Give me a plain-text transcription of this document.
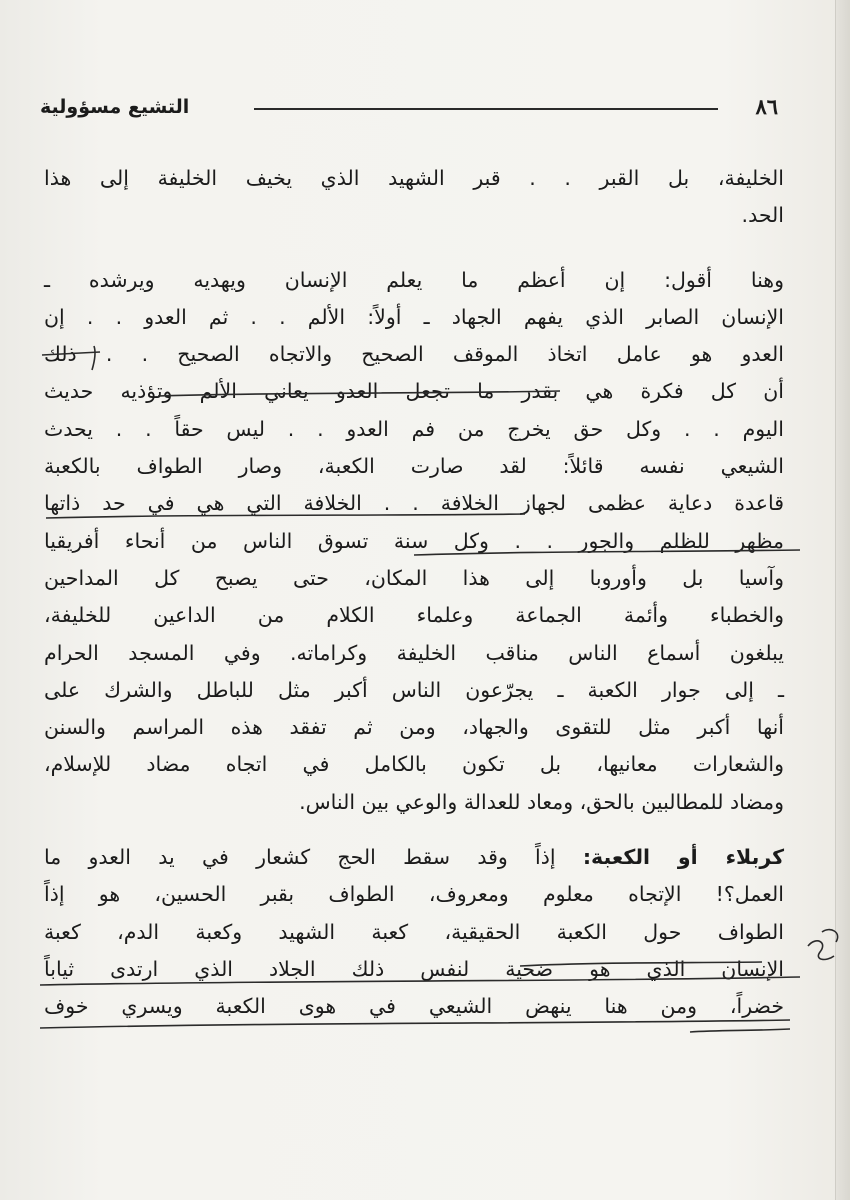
٨٦
التشيع مسؤولية
الخليفة، بل القبر . . قبر الشهيد الذي يخيف الخليفة إلى هذا
الحد.
وهنا أقول: إن أعظم ما يعلم الإنسان ويهديه ويرشده ـ
الإنسان الصابر الذي يفهم الجهاد ـ أولاً: الألم . . ثم العدو . . إن
العدو هو عامل اتخاذ الموقف الصحيح والاتجاه الصحيح . . ذلك
أن كل فكرة هي بقدر ما تجعل العدو يعاني الألم وتؤذيه حديث
اليوم . . وكل حق يخرج من فم العدو . . ليس حقاً . . يحدث
الشيعي نفسه قائلاً: لقد صارت الكعبة، وصار الطواف بالكعبة
قاعدة دعاية عظمى لجهاز الخلافة . . الخلافة التي هي في حد ذاتها
مظهر للظلم والجور . . وكل سنة تسوق الناس من أنحاء أفريقيا
وآسيا بل وأوروبا إلى هذا المكان، حتى يصبح كل المداحين
والخطباء وأئمة الجماعة وعلماء الكلام من الداعين للخليفة،
يبلغون أسماع الناس مناقب الخليفة وكراماته. وفي المسجد الحرام
ـ إلى جوار الكعبة ـ يجرّعون الناس أكبر مثل للباطل والشرك على
أنها أكبر مثل للتقوى والجهاد، ومن ثم تفقد هذه المراسم والسنن
والشعارات معانيها، بل تكون بالكامل في اتجاه مضاد للإسلام،
ومضاد للمطالبين بالحق، ومعاد للعدالة والوعي بين الناس.
كربلاء أو الكعبة: إذاً وقد سقط الحج كشعار في يد العدو ما
العمل؟! الإتجاه معلوم ومعروف، الطواف بقبر الحسين، هو إذاً
الطواف حول الكعبة الحقيقية، كعبة الشهيد وكعبة الدم، كعبة
الإنسان الذي هو ضحية لنفس ذلك الجلاد الذي ارتدى ثياباً
خضراً، ومن هنا ينهض الشيعي في هوى الكعبة ويسري خوف
